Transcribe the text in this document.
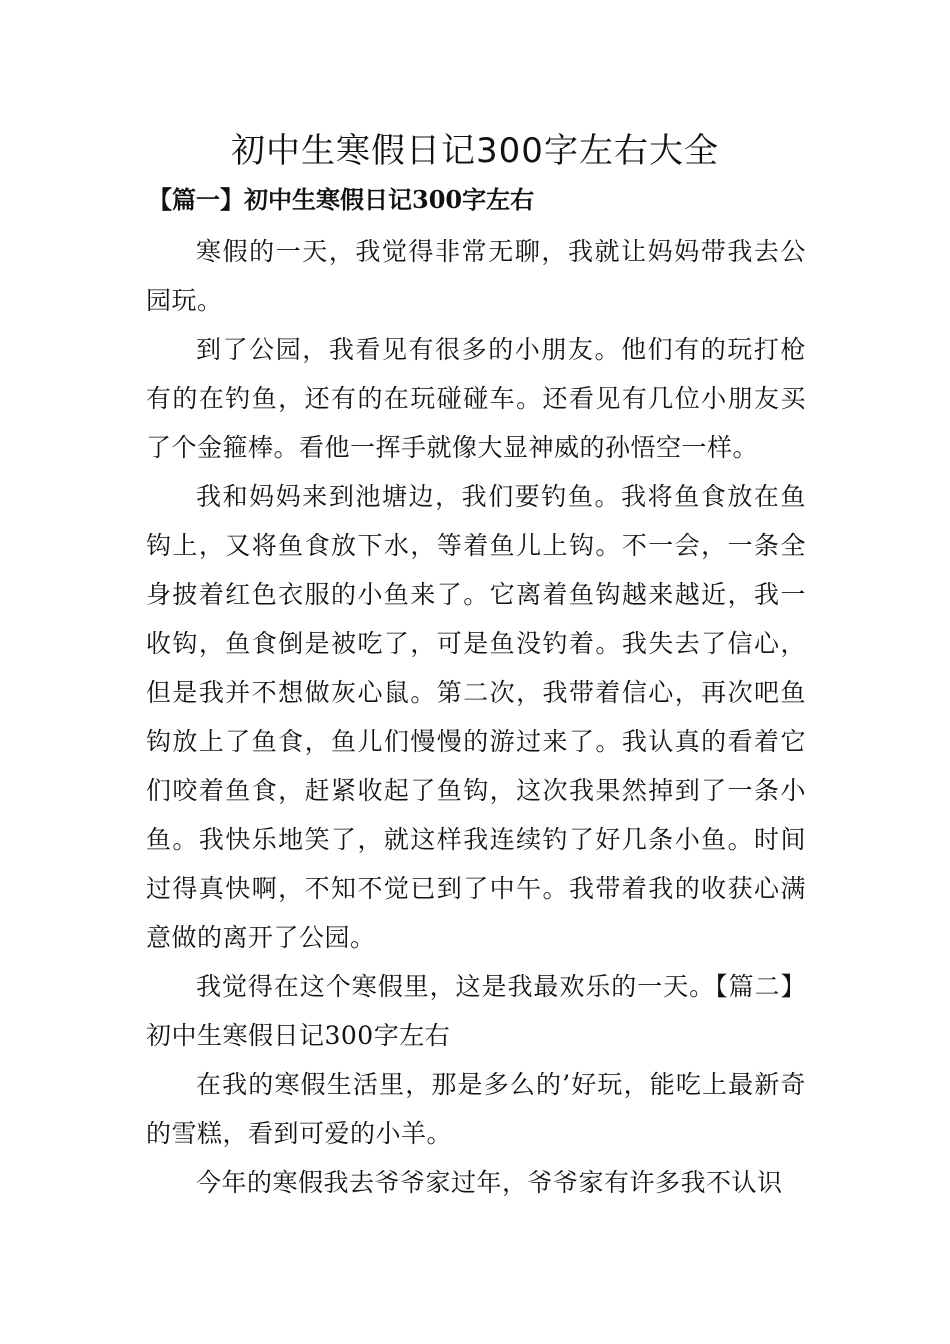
初中生寒假日记300字左右大全
【篇一】初中生寒假日记300字左右

寒假的一天，我觉得非常无聊，我就让妈妈带我去公园玩。

到了公园，我看见有很多的小朋友。他们有的玩打枪有的在钓鱼，还有的在玩碰碰车。还看见有几位小朋友买了个金箍棒。看他一挥手就像大显神威的孙悟空一样。

我和妈妈来到池塘边，我们要钓鱼。我将鱼食放在鱼钩上，又将鱼食放下水，等着鱼儿上钩。不一会，一条全身披着红色衣服的小鱼来了。它离着鱼钩越来越近，我一收钩，鱼食倒是被吃了，可是鱼没钓着。我失去了信心，但是我并不想做灰心鼠。第二次，我带着信心，再次吧鱼钩放上了鱼食，鱼儿们慢慢的游过来了。我认真的看着它们咬着鱼食，赶紧收起了鱼钩，这次我果然掉到了一条小鱼。我快乐地笑了，就这样我连续钓了好几条小鱼。时间过得真快啊，不知不觉已到了中午。我带着我的收获心满意做的离开了公园。

我觉得在这个寒假里，这是我最欢乐的一天。【篇二】初中生寒假日记300字左右

在我的寒假生活里，那是多么的’好玩，能吃上最新奇的雪糕，看到可爱的小羊。

今年的寒假我去爷爷家过年，爷爷家有许多我不认识
